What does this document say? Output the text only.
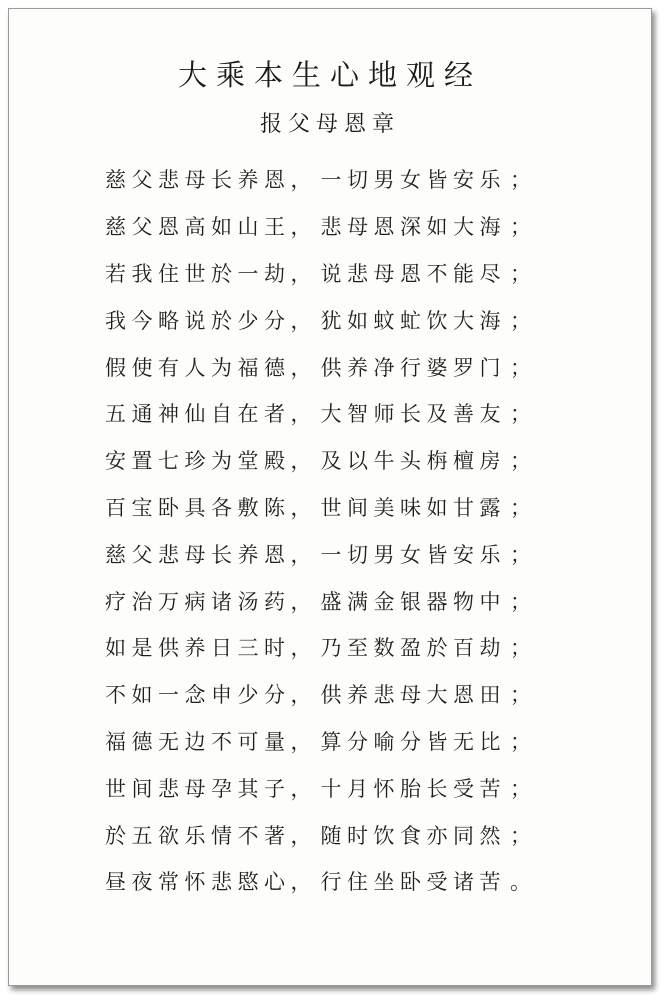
大乘本生心地观经
报父母恩章
慈父悲母长养恩 ， 一切男女皆安乐 ；
慈父恩高如山王 ， 悲母恩深如大海 ；
若我住世於一劫 ， 说悲母恩不能尽 ；
我今略说於少分 ， 犹如蚊虻饮大海 ；
假使有人为福德 ， 供养净行婆罗门 ；
五通神仙自在者 ， 大智师长及善友 ；
安置七珍为堂殿 ， 及以牛头栴檀房 ；
百宝卧具各敷陈 ， 世间美味如甘露 ；
慈父悲母长养恩 ， 一切男女皆安乐 ；
疗治万病诸汤药 ， 盛满金银器物中 ；
如是供养日三时 ， 乃至数盈於百劫 ；
不如一念申少分 ， 供养悲母大恩田 ；
福德无边不可量 ， 算分喻分皆无比 ；
世间悲母孕其子 ， 十月怀胎长受苦 ；
於五欲乐情不著 ， 随时饮食亦同然 ；
昼夜常怀悲愍心 ， 行住坐卧受诸苦 。
